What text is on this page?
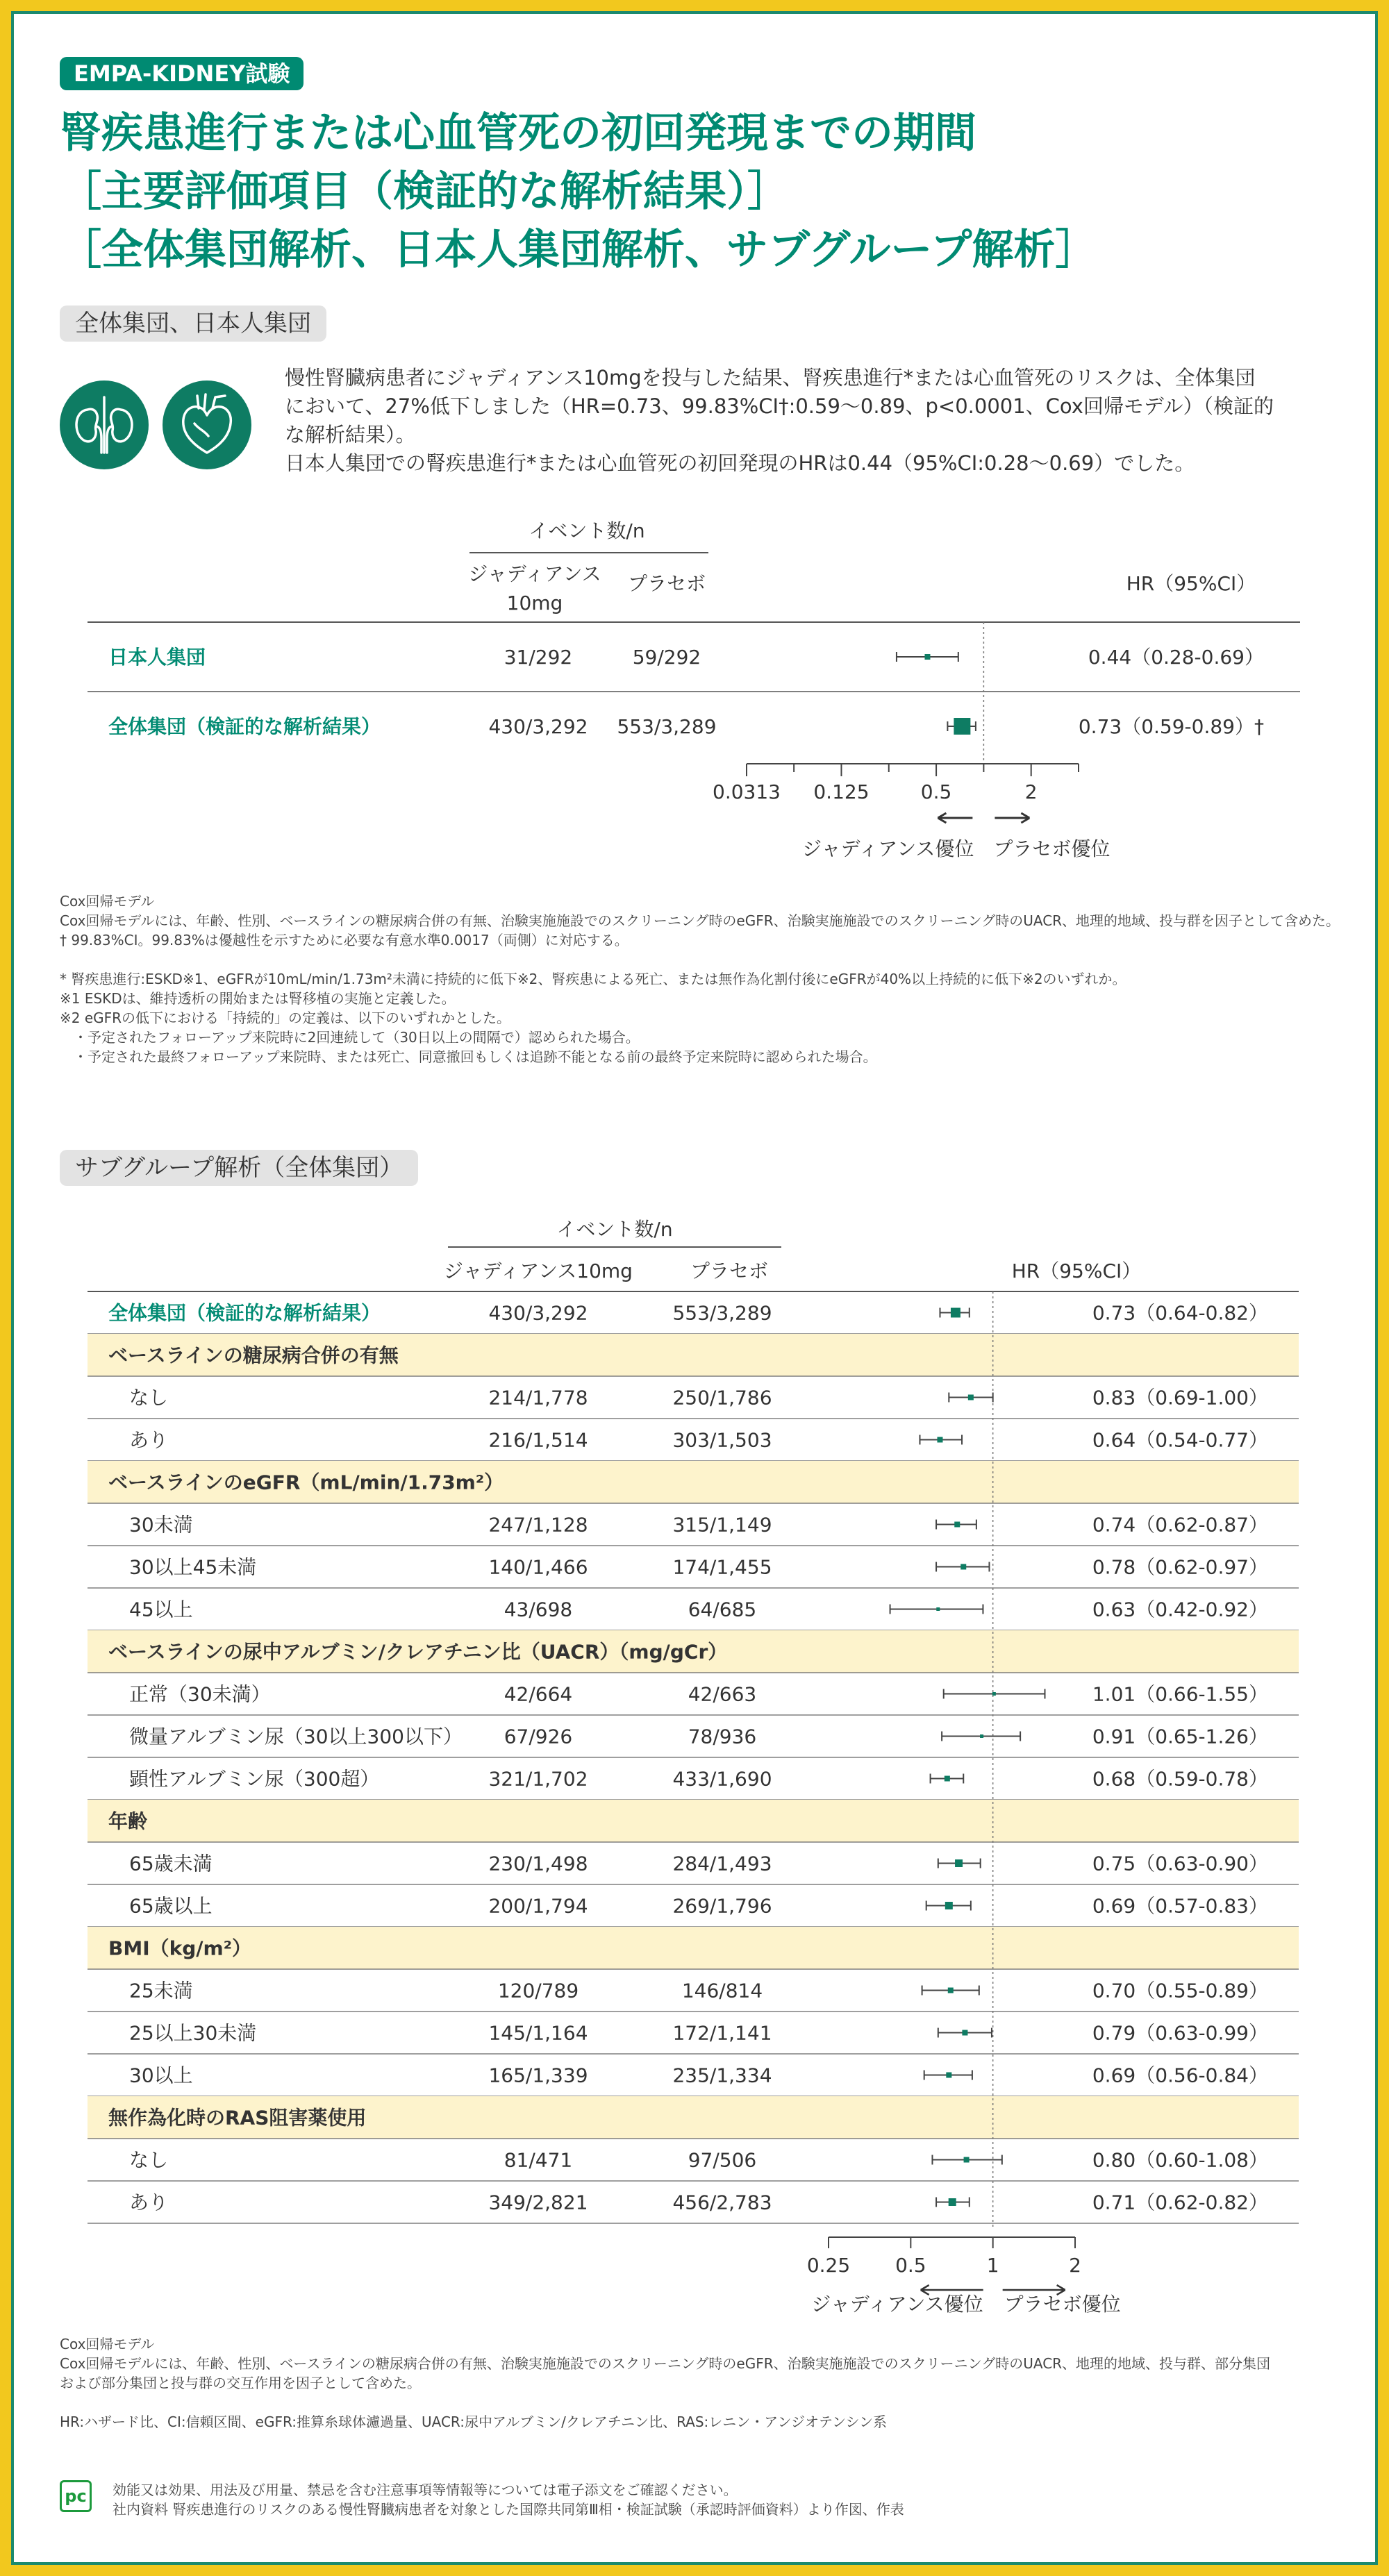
EMPA-KIDNEY試験
腎疾患進行または心血管死の初回発現までの期間
［主要評価項目（検証的な解析結果）］
［全体集団解析、日本人集団解析、サブグループ解析］
全体集団、日本人集団

慢性腎臓病患者にジャディアンス10mgを投与した結果、腎疾患進行*または心血管死のリスクは、全体集団

において、27%低下しました（HR=0.73、99.83%CI†:0.59〜0.89、p<0.0001、Cox回帰モデル）（検証的

な解析結果）。

日本人集団での腎疾患進行*または心血管死の初回発現のHRは0.44（95%CI:0.28〜0.69）でした。

イベント数/n
ジャディアンス
10mg
プラセボ	HR（95%CI）
日本人集団	31/292	59/292	0.44（0.28-0.69）
全体集団（検証的な解析結果）	430/3,292 553/3,289	0.73（0.59-0.89）†
0.0313 0.125	0.5	2
ジャディアンス優位 プラセボ優位
Cox回帰モデル
Cox回帰モデルには、年齢、性別、ベースラインの糖尿病合併の有無、治験実施施設でのスクリーニング時のeGFR、治験実施施設でのスクリーニング時のUACR、地理的地域、投与群を因子として含めた。
† 99.83%CI。99.83%は優越性を示すために必要な有意水準0.0017（両側）に対応する。
* 腎疾患進行:ESKD※1、eGFRが10mL/min/1.73m²未満に持続的に低下※2、腎疾患による死亡、または無作為化割付後にeGFRが40%以上持続的に低下※2のいずれか。
※1 ESKDは、維持透析の開始または腎移植の実施と定義した。
※2 eGFRの低下における「持続的」の定義は、以下のいずれかとした。
　・予定されたフォローアップ来院時に2回連続して（30日以上の間隔で）認められた場合。
　・予定された最終フォローアップ来院時、または死亡、同意撤回もしくは追跡不能となる前の最終予定来院時に認められた場合。
サブグループ解析（全体集団）
イベント数/n
ジャディアンス10mg	プラセボ	HR（95%CI）
全体集団（検証的な解析結果）	430/3,292	553/3,289	0.73（0.64-0.82）
ベースラインの糖尿病合併の有無
なし	214/1,778	250/1,786	0.83（0.69-1.00）
あり	216/1,514	303/1,503	0.64（0.54-0.77）
ベースラインのeGFR（mL/min/1.73m²）
30未満	247/1,128	315/1,149	0.74（0.62-0.87）
30以上45未満	140/1,466	174/1,455	0.78（0.62-0.97）
45以上	43/698	64/685	0.63（0.42-0.92）
ベースラインの尿中アルブミン/クレアチニン比（UACR）（mg/gCr）
正常（30未満）	42/664	42/663	1.01（0.66-1.55）
微量アルブミン尿（30以上300以下） 67/926	78/936	0.91（0.65-1.26）
顕性アルブミン尿（300超）	321/1,702	433/1,690	0.68（0.59-0.78）
年齢
65歳未満	230/1,498	284/1,493	0.75（0.63-0.90）
65歳以上	200/1,794	269/1,796	0.69（0.57-0.83）
BMI（kg/m²）
25未満	120/789	146/814	0.70（0.55-0.89）
25以上30未満	145/1,164	172/1,141	0.79（0.63-0.99）
30以上	165/1,339	235/1,334	0.69（0.56-0.84）
無作為化時のRAS阻害薬使用
なし	81/471	97/506	0.80（0.60-1.08）
あり	349/2,821	456/2,783	0.71（0.62-0.82）
0.25 0.5	1	2
ジャディアンス優位 プラセボ優位
Cox回帰モデル
Cox回帰モデルには、年齢、性別、ベースラインの糖尿病合併の有無、治験実施施設でのスクリーニング時のeGFR、治験実施施設でのスクリーニング時のUACR、地理的地域、投与群、部分集団
および部分集団と投与群の交互作用を因子として含めた。
HR:ハザード比、CI:信頼区間、eGFR:推算糸球体濾過量、UACR:尿中アルブミン/クレアチニン比、RAS:レニン・アンジオテンシン系
pc	効能又は効果、用法及び用量、禁忌を含む注意事項等情報等については電子添文をご確認ください。
社内資料 腎疾患進行のリスクのある慢性腎臓病患者を対象とした国際共同第Ⅲ相・検証試験（承認時評価資料）より作図、作表
